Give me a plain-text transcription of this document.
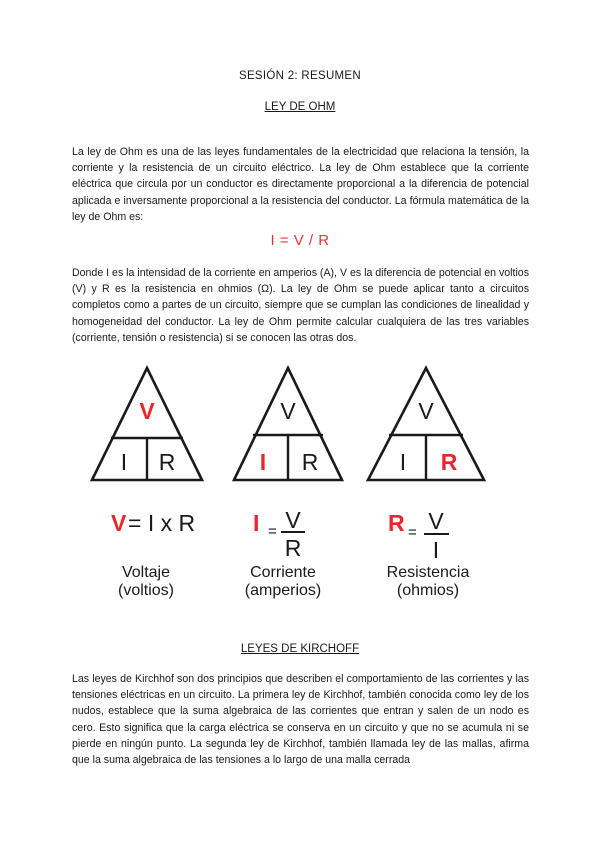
SESIÓN 2: RESUMEN
LEY DE OHM
La ley de Ohm es una de las leyes fundamentales de la electricidad que relaciona la tensión, la corriente y la resistencia de un circuito eléctrico. La ley de Ohm establece que la corriente eléctrica que circula por un conductor es directamente proporcional a la diferencia de potencial aplicada e inversamente proporcional a la resistencia del conductor. La fórmula matemática de la ley de Ohm es:
I = V / R
Donde I es la intensidad de la corriente en amperios (A), V es la diferencia de potencial en voltios (V) y R es la resistencia en ohmios (Ω). La ley de Ohm se puede aplicar tanto a circuitos completos como a partes de un circuito, siempre que se cumplan las condiciones de linealidad y homogeneidad del conductor. La ley de Ohm permite calcular cualquiera de las tres variables (corriente, tensión o resistencia) si se conocen las otras dos.
V
I R
V
I R
V
I R
V = I x R	I = V
R
R = V
I
Voltaje
(voltios)
Corriente
(amperios)
Resistencia
(ohmios)
LEYES DE KIRCHOFF
Las leyes de Kirchhof son dos principios que describen el comportamiento de las corrientes y las tensiones eléctricas en un circuito. La primera ley de Kirchhof, también conocida como ley de los nudos, establece que la suma algebraica de las corrientes que entran y salen de un nodo es cero. Esto significa que la carga eléctrica se conserva en un circuito y que no se acumula ni se pierde en ningún punto. La segunda ley de Kirchhof, también llamada ley de las mallas, afirma que la suma algebraica de las tensiones a lo largo de una malla cerrada
